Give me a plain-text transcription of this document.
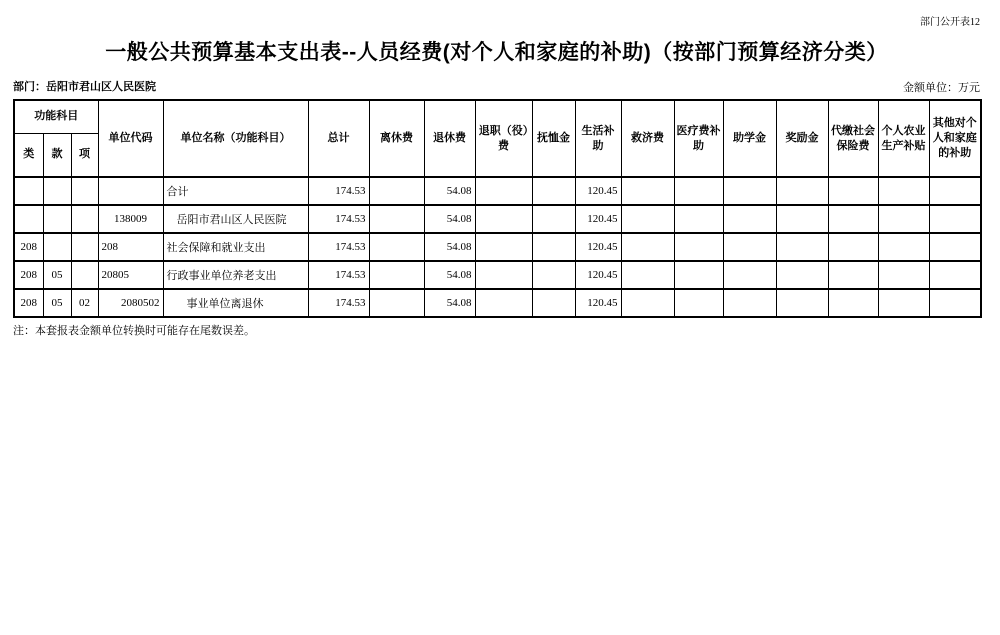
部门公开表12
一般公共预算基本支出表--人员经费(对个人和家庭的补助)（按部门预算经济分类）
部门：岳阳市君山区人民医院	金额单位：万元
功能科目			单位代码	单位名称（功能科目）	总计	离休费	退休费	退职（役）费	抚恤金	生活补助	救济费	医疗费补助	助学金	奖励金	代缴社会保险费	个人农业生产补贴	其他对个人和家庭的补助
类	款	项															
				合计	174.53		54.08			120.45							
			138009	岳阳市君山区人民医院	174.53		54.08			120.45							
208			208	社会保障和就业支出	174.53		54.08			120.45							
208	05		20805	行政事业单位养老支出	174.53		54.08			120.45							
208	05	02	2080502	事业单位离退休	174.53		54.08			120.45							
注：本套报表金额单位转换时可能存在尾数误差。
